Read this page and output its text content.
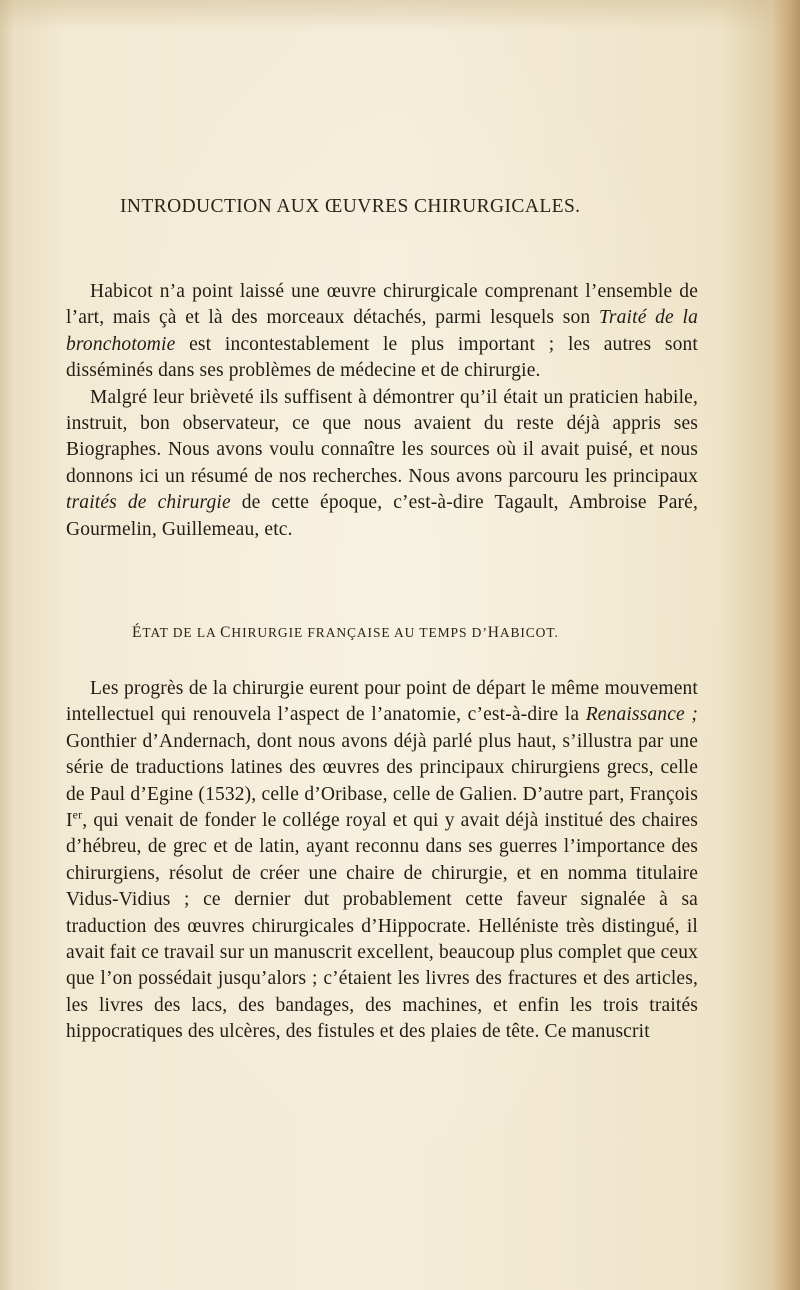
INTRODUCTION AUX ŒUVRES CHIRURGICALES.

Habicot n’a point laissé une œuvre chirurgicale comprenant l’ensemble de l’art, mais çà et là des morceaux détachés, parmi lesquels son Traité de la bronchotomie est incontestablement le plus important ; les autres sont disséminés dans ses problèmes de médecine et de chirurgie.

Malgré leur brièveté ils suffisent à démontrer qu’il était un praticien habile, instruit, bon observateur, ce que nous avaient du reste déjà appris ses Biographes. Nous avons voulu connaître les sources où il avait puisé, et nous donnons ici un résumé de nos recherches. Nous avons parcouru les principaux traités de chirurgie de cette époque, c’est-à-dire Tagault, Ambroise Paré, Gourmelin, Guillemeau, etc.

ÉTAT DE LA CHIRURGIE FRANÇAISE AU TEMPS D’HABICOT.

Les progrès de la chirurgie eurent pour point de départ le même mouvement intellectuel qui renouvela l’aspect de l’anatomie, c’est-à-dire la Renaissance ; Gonthier d’Andernach, dont nous avons déjà parlé plus haut, s’illustra par une série de traductions latines des œuvres des principaux chirurgiens grecs, celle de Paul d’Egine (1532), celle d’Oribase, celle de Galien. D’autre part, François Ier, qui venait de fonder le collége royal et qui y avait déjà institué des chaires d’hébreu, de grec et de latin, ayant reconnu dans ses guerres l’importance des chirurgiens, résolut de créer une chaire de chirurgie, et en nomma titulaire Vidus-Vidius ; ce dernier dut probablement cette faveur signalée à sa traduction des œuvres chirurgicales d’Hippocrate. Helléniste très distingué, il avait fait ce travail sur un manuscrit excellent, beaucoup plus complet que ceux que l’on possédait jusqu’alors ; c’étaient les livres des fractures et des articles, les livres des lacs, des bandages, des machines, et enfin les trois traités hippocratiques des ulcères, des fistules et des plaies de tête. Ce manuscrit
